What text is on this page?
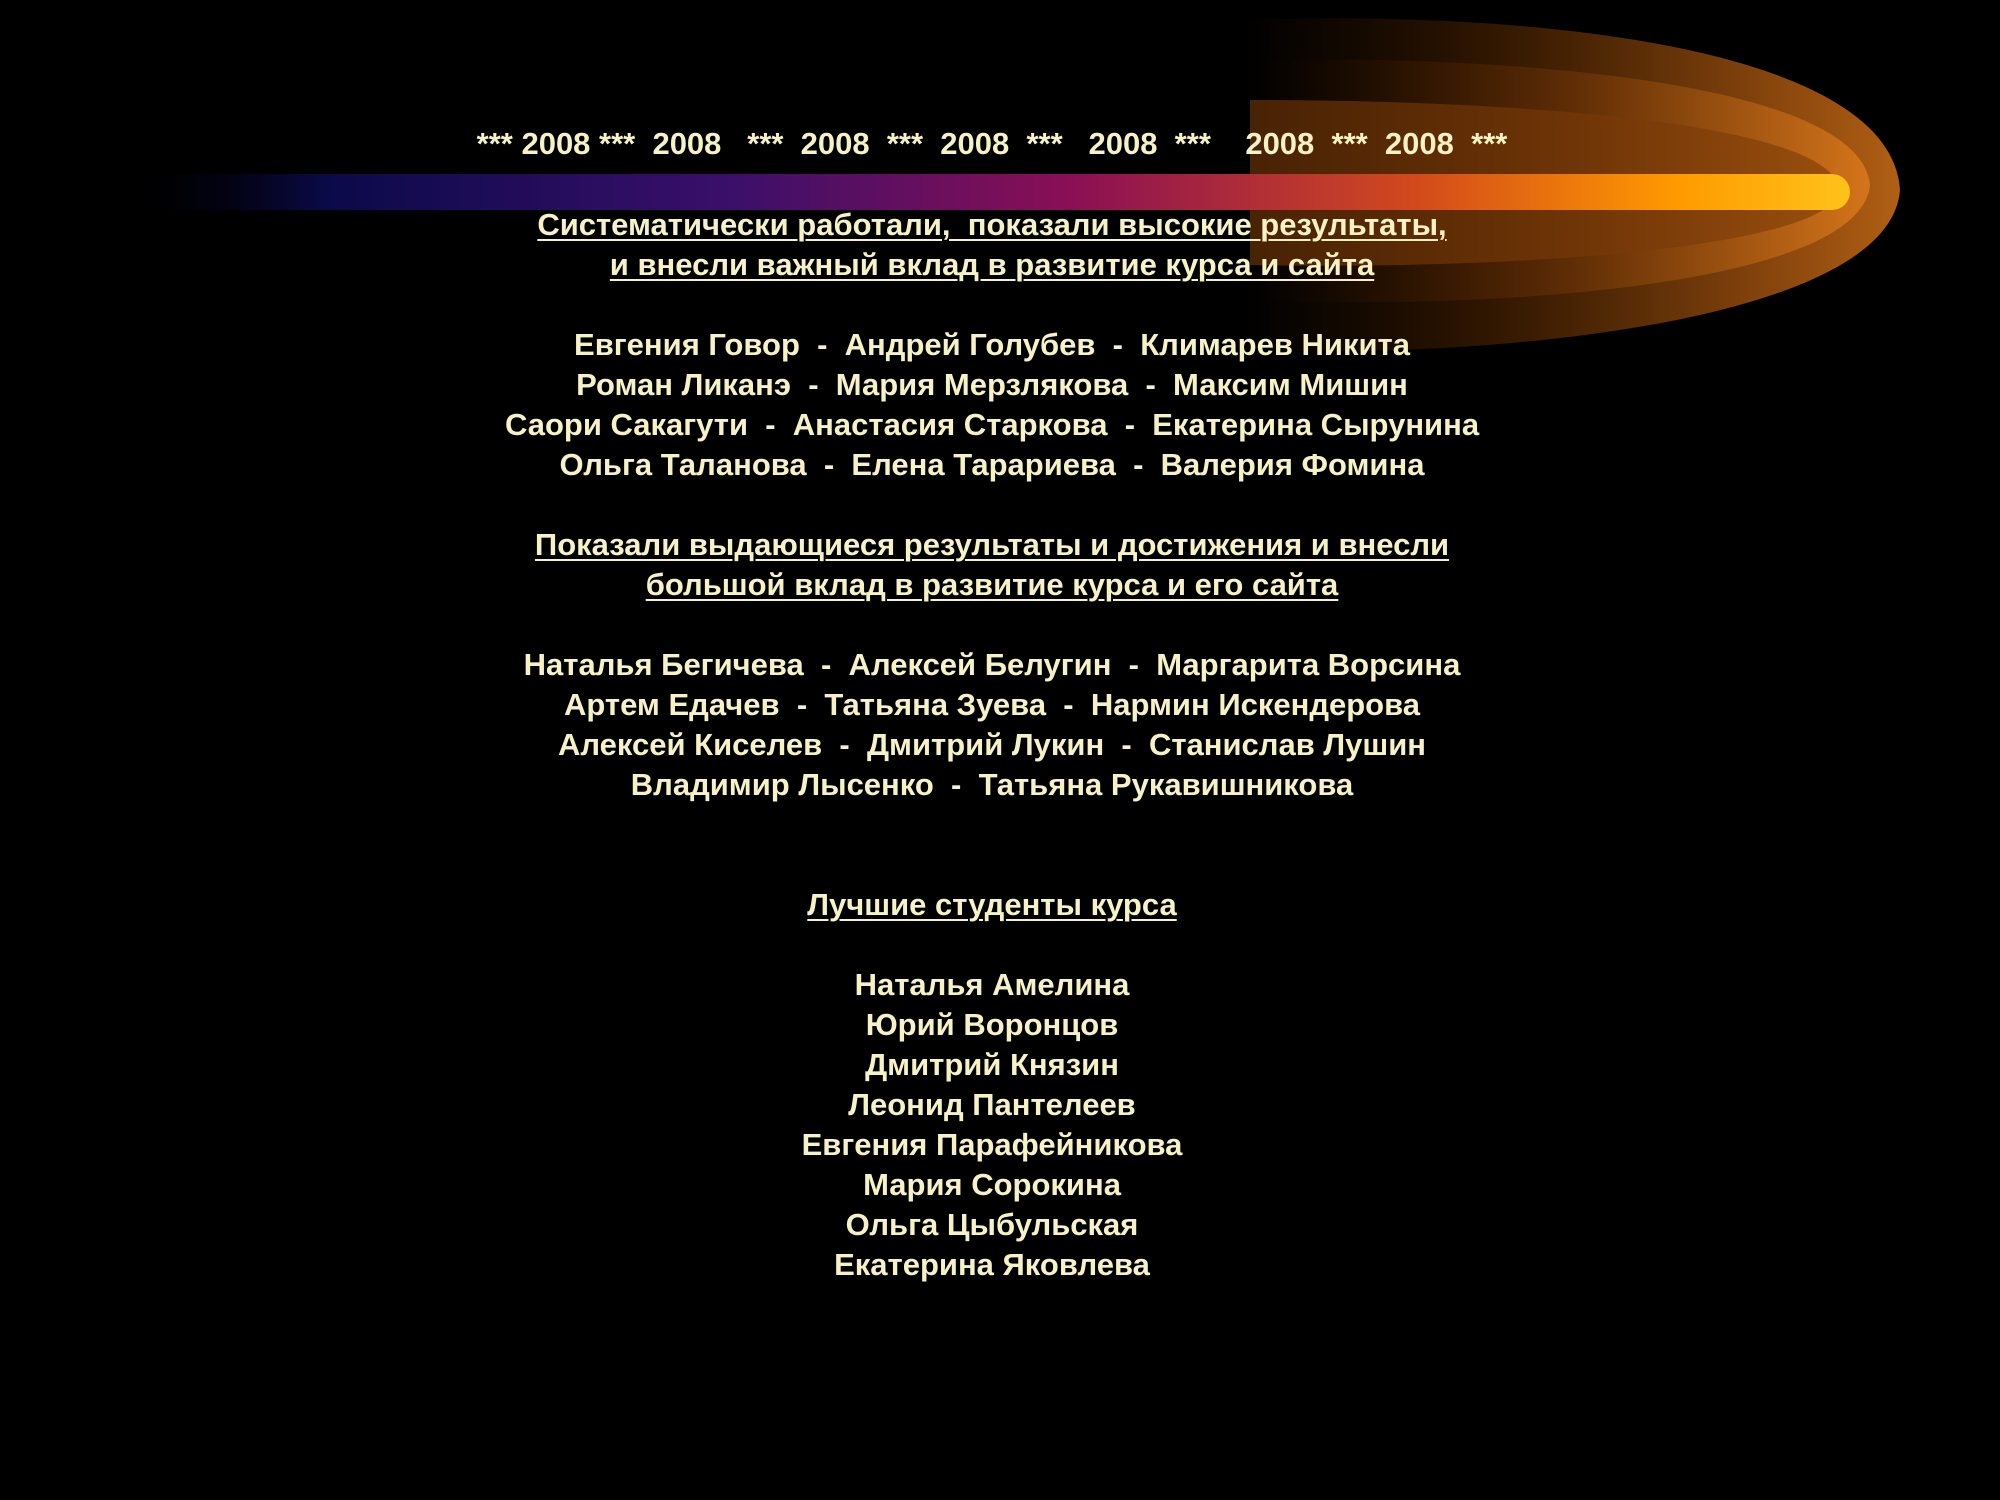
*** 2008 ***  2008   ***  2008  ***  2008  ***   2008  ***    2008  ***  2008  ***
Систематически работали,  показали высокие результаты,
и внесли важный вклад в развитие курса и сайта
Евгения Говор  -  Андрей Голубев  -  Климарев Никита
Роман Ликанэ  -  Мария Мерзлякова  -  Максим Мишин
Саори Сакагути  -  Анастасия Старкова  -  Екатерина Сырунина
Ольга Таланова  -  Елена Тарариева  -  Валерия Фомина
Показали выдающиеся результаты и достижения и внесли
большой вклад в развитие курса и его сайта
Наталья Бегичева  -  Алексей Белугин  -  Маргарита Ворсина
Артем Едачев  -  Татьяна Зуева  -  Нармин Искендерова
Алексей Киселев  -  Дмитрий Лукин  -  Станислав Лушин
Владимир Лысенко  -  Татьяна Рукавишникова
Лучшие студенты курса
Наталья Амелина
Юрий Воронцов
Дмитрий Князин
Леонид Пантелеев
Евгения Парафейникова
Мария Сорокина
Ольга Цыбульская
Екатерина Яковлева
